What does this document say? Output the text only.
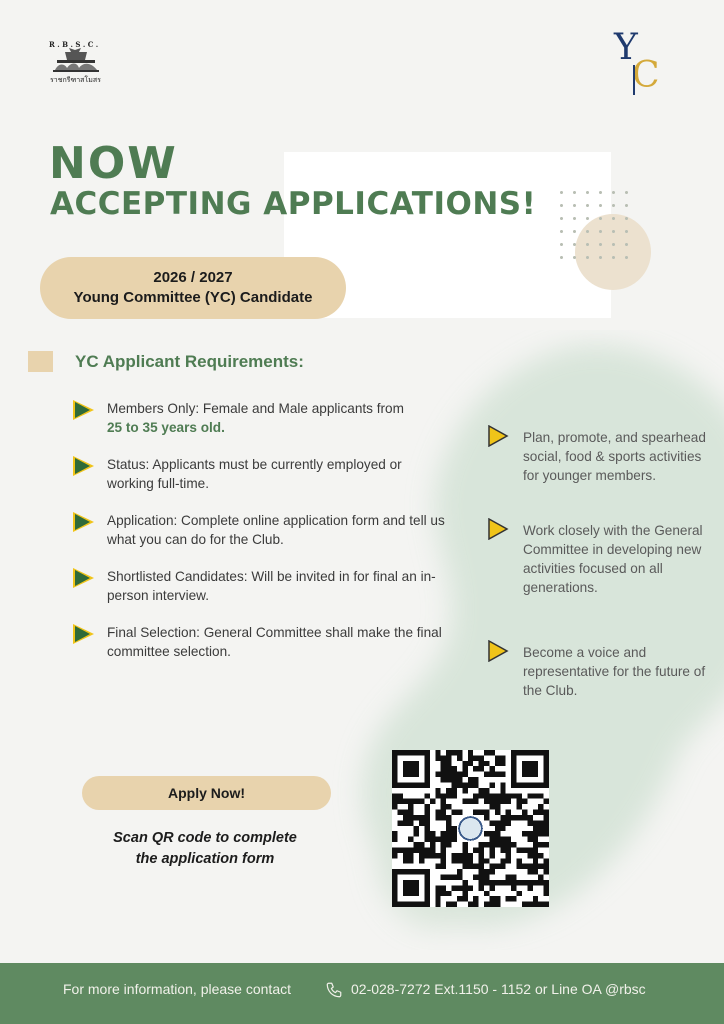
R . B . S . C .
ราชกรีฑาสโมสร
Y
C
NOW
ACCEPTING APPLICATIONS!
2026 / 2027
Young Committee (YC) Candidate
YC Applicant Requirements:
Members Only: Female and Male applicants from
25 to 35 years old.
Status: Applicants must be currently employed or working full-time.
Application: Complete online application form and tell us what you can do for the Club.
Shortlisted Candidates: Will be invited in for final an in-person interview.
Final Selection: General Committee shall make the final committee selection.
Plan, promote, and spearhead social, food & sports activities for younger members.
Work closely with the General Committee in developing new activities focused on all generations.
Become a voice and representative for the future of the Club.
Apply Now!
Scan QR code to complete
the application form
For more information, please contact	02-028-7272 Ext.1150 - 1152 or Line OA @rbsc
